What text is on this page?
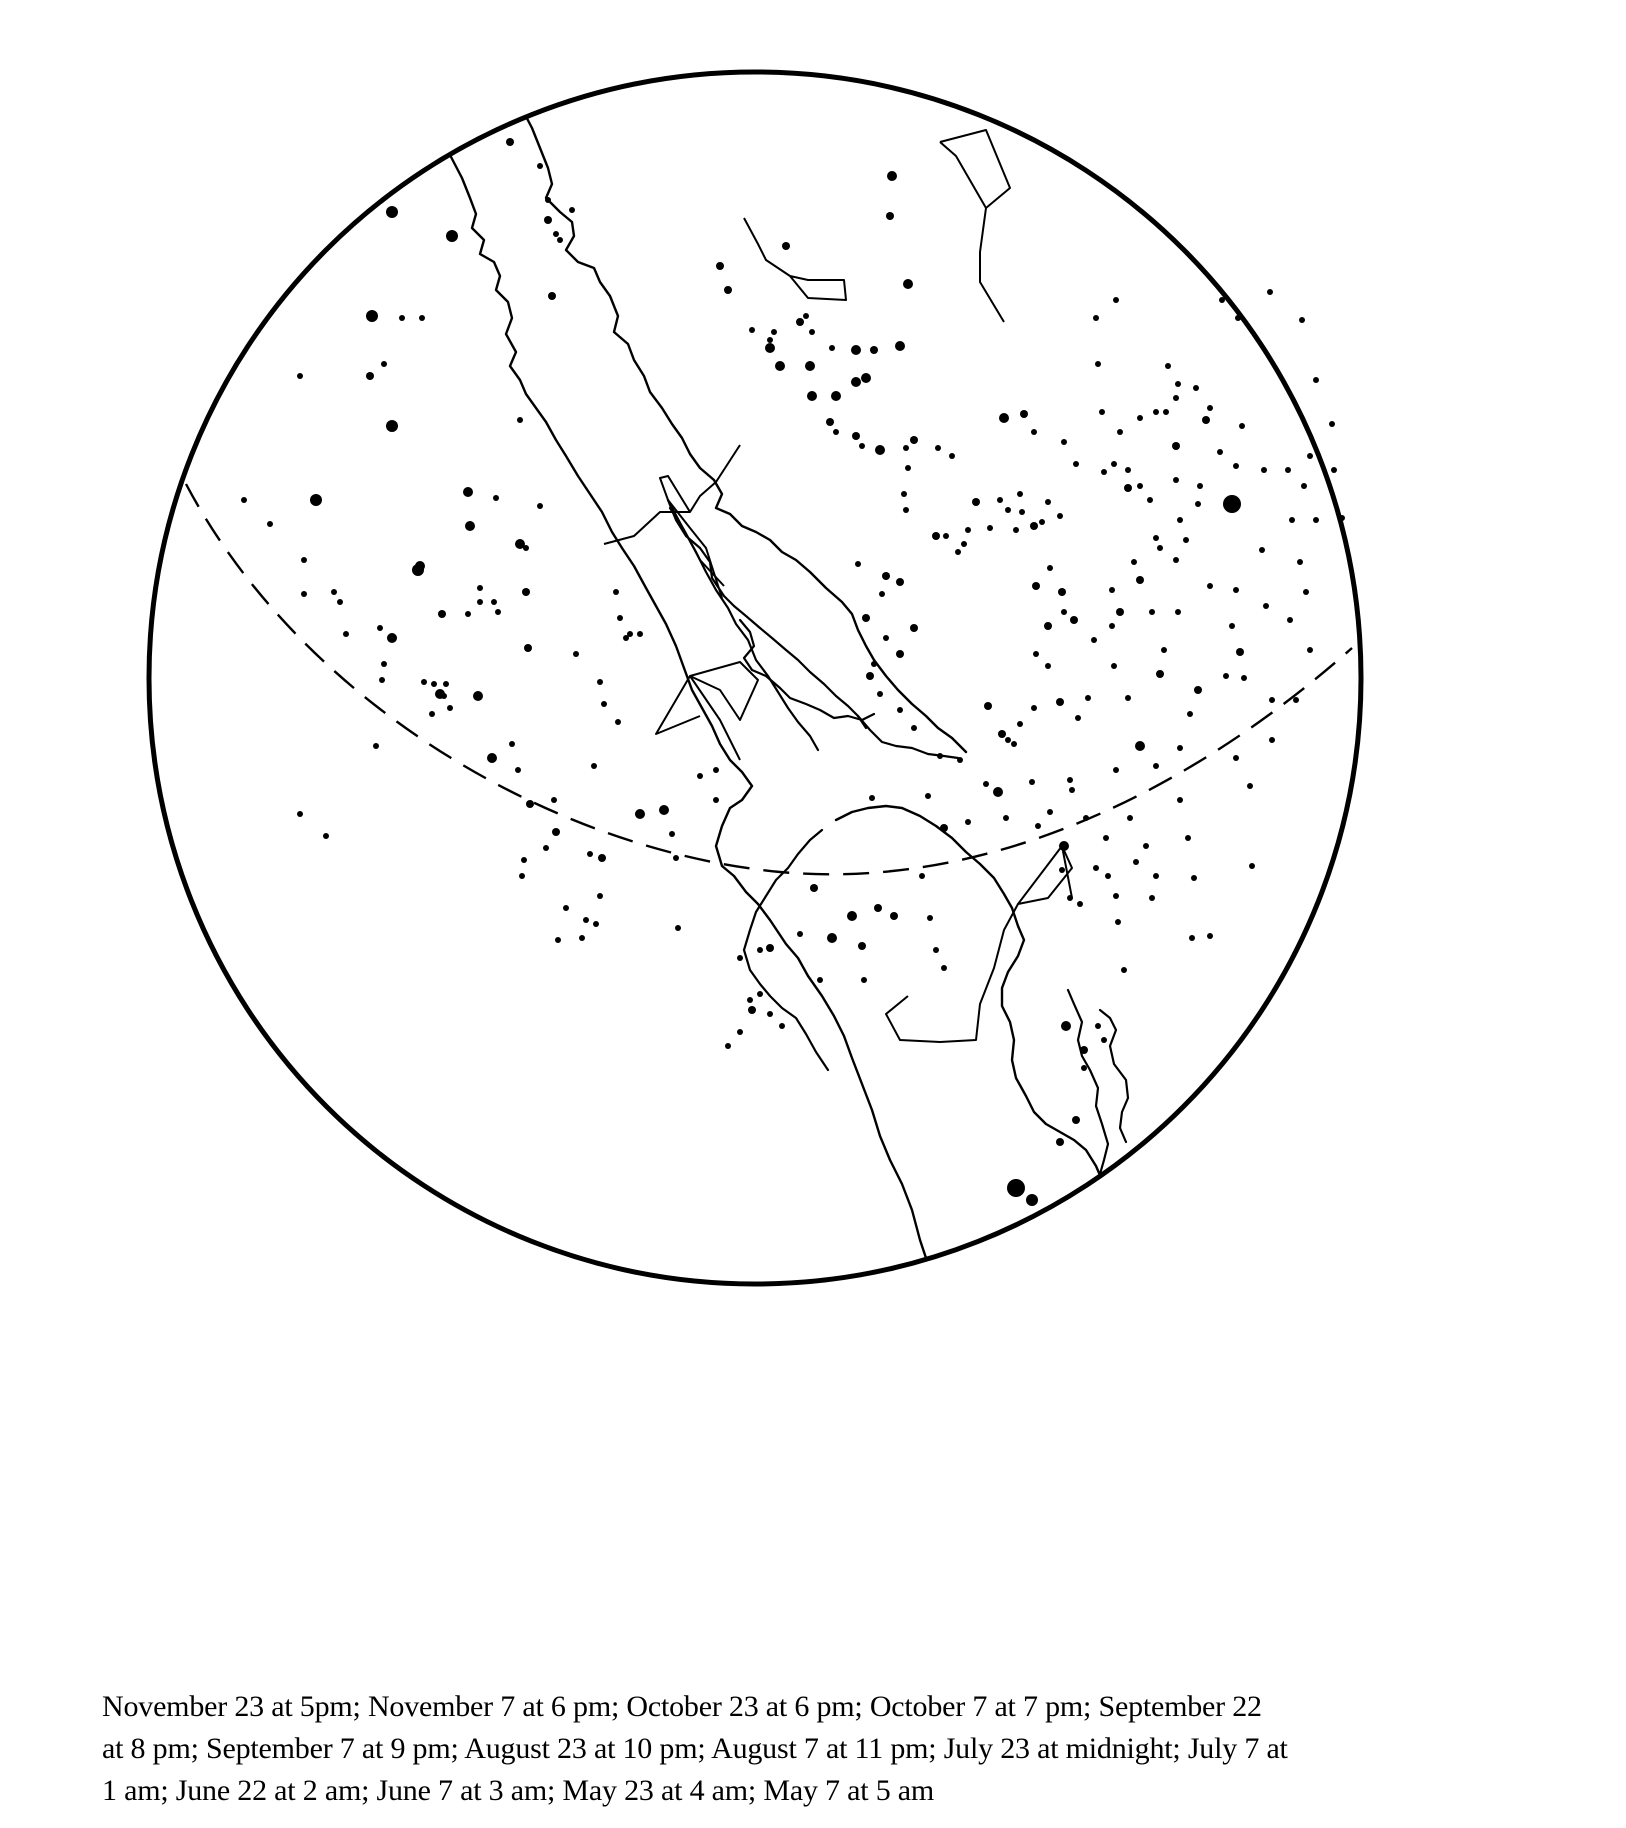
November 23 at 5pm; November 7 at 6 pm; October 23 at 6 pm; October 7 at 7 pm; September 22
at 8 pm; September 7 at 9 pm; August 23 at 10 pm; August 7 at 11 pm; July 23 at midnight; July 7 at
1 am; June 22 at 2 am; June 7 at 3 am; May 23 at 4 am; May 7 at 5 am
